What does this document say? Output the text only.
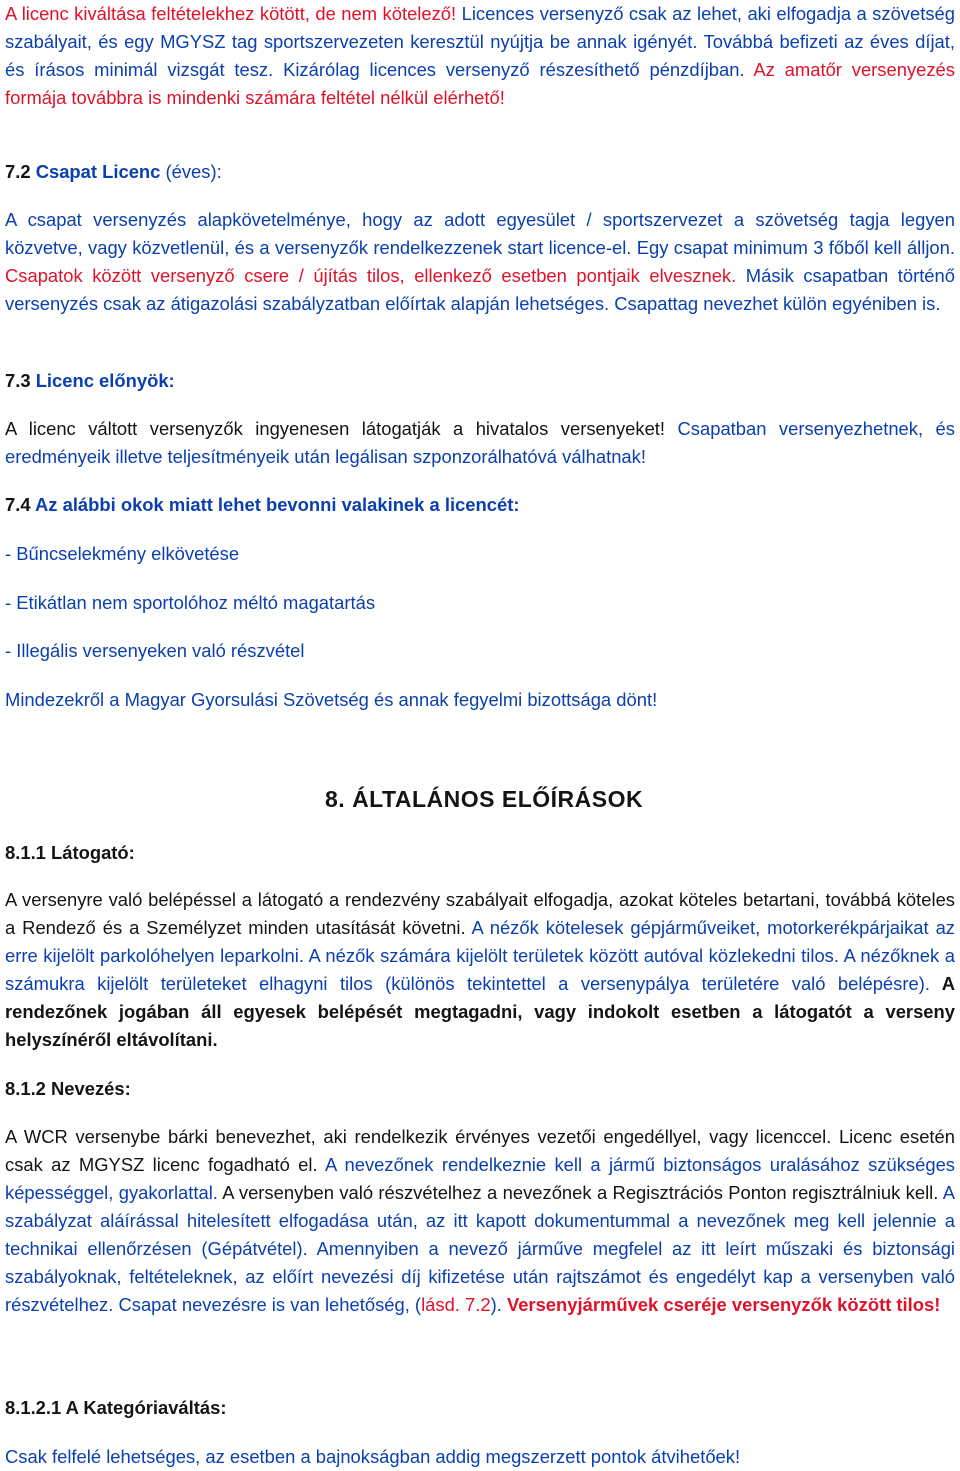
A licenc kiváltása feltételekhez kötött, de nem kötelező! Licences versenyző csak az lehet, aki elfogadja a szövetség szabályait, és egy MGYSZ tag sportszervezeten keresztül nyújtja be annak igényét. Továbbá befizeti az éves díjat, és írásos minimál vizsgát tesz. Kizárólag licences versenyző részesíthető pénzdíjban. Az amatőr versenyezés formája továbbra is mindenki számára feltétel nélkül elérhető!

7.2 Csapat Licenc (éves):

A csapat versenyzés alapkövetelménye, hogy az adott egyesület / sportszervezet a szövetség tagja legyen közvetve, vagy közvetlenül, és a versenyzők rendelkezzenek start licence-el. Egy csapat minimum 3 főből kell álljon. Csapatok között versenyző csere / újítás tilos, ellenkező esetben pontjaik elvesznek. Másik csapatban történő versenyzés csak az átigazolási szabályzatban előírtak alapján lehetséges. Csapattag nevezhet külön egyéniben is.

7.3 Licenc előnyök:

A licenc váltott versenyzők ingyenesen látogatják a hivatalos versenyeket! Csapatban versenyezhetnek, és eredményeik illetve teljesítményeik után legálisan szponzorálhatóvá válhatnak!

7.4 Az alábbi okok miatt lehet bevonni valakinek a licencét:
- Bűncselekmény elkövetése
- Etikátlan nem sportolóhoz méltó magatartás
- Illegális versenyeken való részvétel
Mindezekről a Magyar Gyorsulási Szövetség és annak fegyelmi bizottsága dönt!
8. ÁLTALÁNOS ELŐÍRÁSOK
8.1.1 Látogató:

A versenyre való belépéssel a látogató a rendezvény szabályait elfogadja, azokat köteles betartani, továbbá köteles a Rendező és a Személyzet minden utasítását követni. A nézők kötelesek gépjárműveiket, motorkerékpárjaikat az erre kijelölt parkolóhelyen leparkolni. A nézők számára kijelölt területek között autóval közlekedni tilos. A nézőknek a számukra kijelölt területeket elhagyni tilos (különös tekintettel a versenypálya területére való belépésre). A rendezőnek jogában áll egyesek belépését megtagadni, vagy indokolt esetben a látogatót a verseny helyszínéről eltávolítani.

8.1.2 Nevezés:

A WCR versenybe bárki benevezhet, aki rendelkezik érvényes vezetői engedéllyel, vagy licenccel. Licenc esetén csak az MGYSZ licenc fogadható el. A nevezőnek rendelkeznie kell a jármű biztonságos uralásához szükséges képességgel, gyakorlattal. A versenyben való részvételhez a nevezőnek a Regisztrációs Ponton regisztrálniuk kell. A szabályzat aláírással hitelesített elfogadása után, az itt kapott dokumentummal a nevezőnek meg kell jelennie a technikai ellenőrzésen (Gépátvétel). Amennyiben a nevező járműve megfelel az itt leírt műszaki és biztonsági szabályoknak, feltételeknek, az előírt nevezési díj kifizetése után rajtszámot és engedélyt kap a versenyben való részvételhez. Csapat nevezésre is van lehetőség, (lásd. 7.2). Versenyjárművek cseréje versenyzők között tilos!

8.1.2.1 A Kategóriaváltás:
Csak felfelé lehetséges, az esetben a bajnokságban addig megszerzett pontok átvihetőek!
